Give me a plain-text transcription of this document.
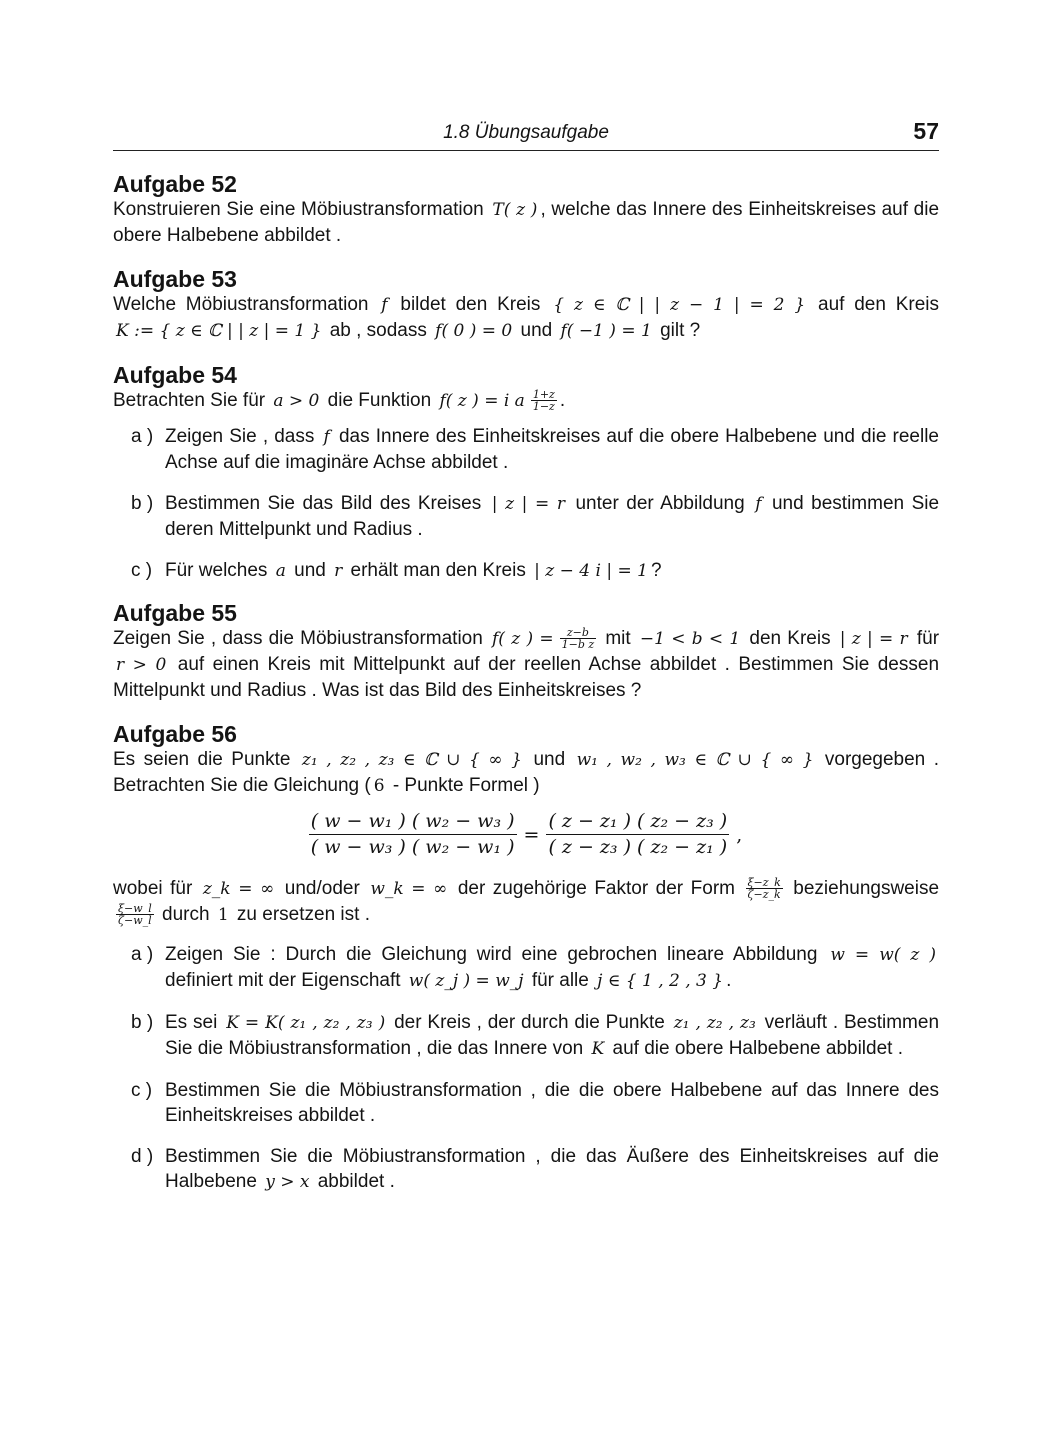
1.8 Übungsaufgabe	57
Aufgabe 52

Konstruieren Sie eine Möbiustransformation T( z ) , welche das Innere des Einheitskreises auf die obere Halbebene abbildet .

Aufgabe 53

Welche Möbiustransformation f bildet den Kreis { z ∈ ℂ | | z − 1 | = 2 } auf den Kreis K := { z ∈ ℂ | | z | = 1 } ab , sodass f( 0 ) = 0 und f( −1 ) = 1 gilt ?

Aufgabe 54

Betrachten Sie für a > 0 die Funktion f( z ) = i a $\frac{1+z}{1-z}$ .

a ) Zeigen Sie , dass f das Innere des Einheitskreises auf die obere Halbebene und die reelle Achse auf die imaginäre Achse abbildet .
b ) Bestimmen Sie das Bild des Kreises | z | = r unter der Abbildung f und bestimmen Sie deren Mittelpunkt und Radius .
c ) Für welches a und r erhält man den Kreis | z − 4 i | = 1 ?
Aufgabe 55

Zeigen Sie , dass die Möbiustransformation f( z ) = $\frac{z-b}{\text{1−b z}}$ mit −1 < b < 1 den Kreis | z | = r für r > 0 auf einen Kreis mit Mittelpunkt auf der reellen Achse abbildet . Bestimmen Sie dessen Mittelpunkt und Radius . Was ist das Bild des Einheitskreises ?

Aufgabe 56

Es seien die Punkte z₁ , z₂ , z₃ ∈ ℂ ∪ { ∞ } und w₁ , w₂ , w₃ ∈ ℂ ∪ { ∞ } vorgegeben . Betrachten Sie die Gleichung ( 6 - Punkte Formel )

$\frac{\text{( w − w₁ ) ( w₂ − w₃ )}}{\text{( w − w₃ ) ( w₂ − w₁ )}} = \frac{\text{( z − z₁ ) ( z₂ − z₃ )}}{\text{( z − z₃ ) ( z₂ − z₁ )}}$ ,

wobei für z_k = ∞ und/oder w_k = ∞ der zugehörige Faktor der Form $\frac{\xi-z\_k}{\zeta-z\_k}$ beziehungsweise
$\frac{\xi-w\_l}{\zeta-w\_l}$ durch 1 zu ersetzen ist .

a ) Zeigen Sie : Durch die Gleichung wird eine gebrochen lineare Abbildung w = w( z ) definiert mit der Eigenschaft w( z_j ) = w_j für alle j ∈ { 1 , 2 , 3 } .
b ) Es sei K = K( z₁ , z₂ , z₃ ) der Kreis , der durch die Punkte z₁ , z₂ , z₃ verläuft . Bestimmen Sie die Möbiustransformation , die das Innere von K auf die obere Halbebene abbildet .
c ) Bestimmen Sie die Möbiustransformation , die die obere Halbebene auf das Innere des Einheitskreises abbildet .
d ) Bestimmen Sie die Möbiustransformation , die das Äußere des Einheitskreises auf die Halbebene y > x abbildet .
